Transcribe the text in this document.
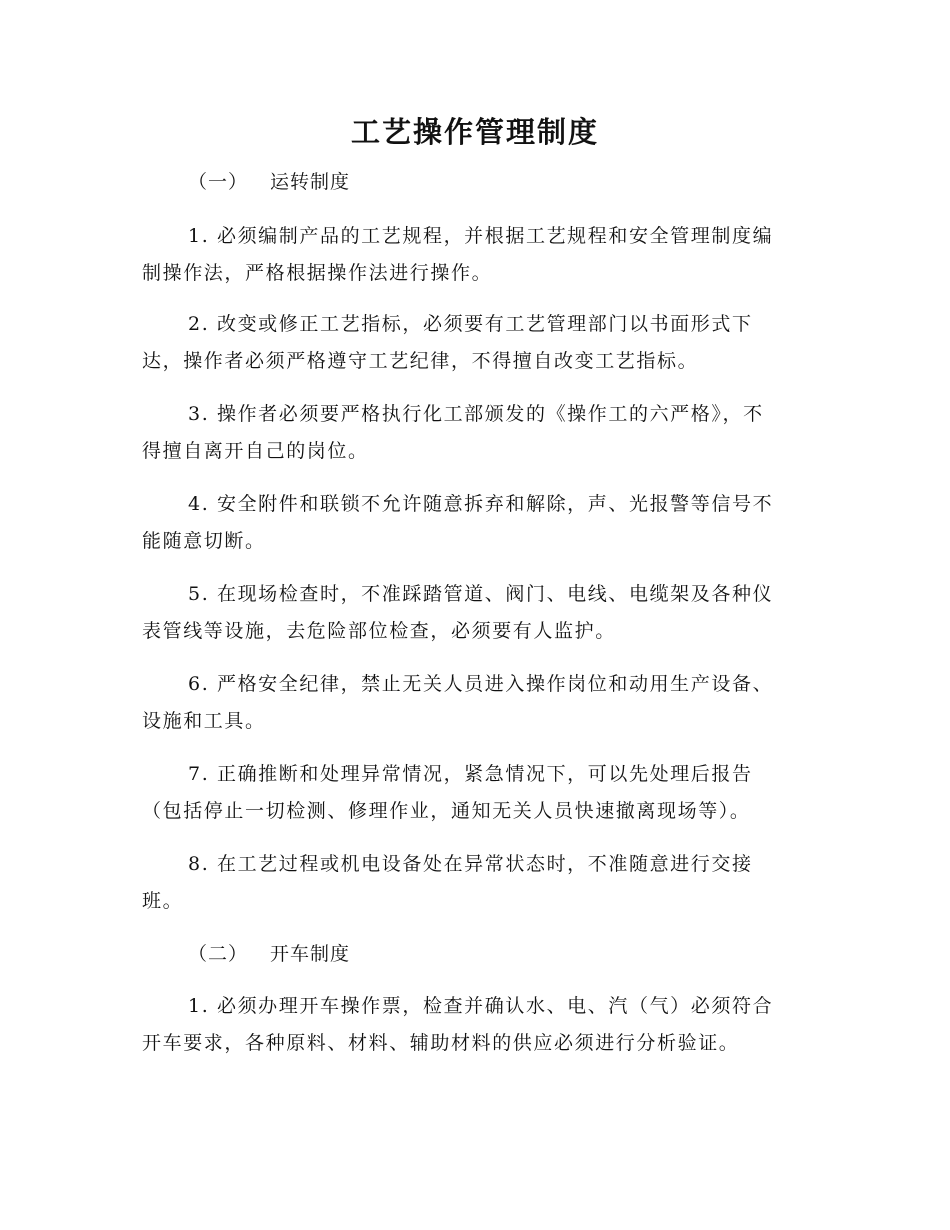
工艺操作管理制度

（一） 运转制度

1. 必须编制产品的工艺规程，并根据工艺规程和安全管理制度编
制操作法，严格根据操作法进行操作。
2. 改变或修正工艺指标，必须要有工艺管理部门以书面形式下
达，操作者必须严格遵守工艺纪律，不得擅自改变工艺指标。
3. 操作者必须要严格执行化工部颁发的《操作工的六严格》，不
得擅自离开自己的岗位。
4. 安全附件和联锁不允许随意拆弃和解除，声、光报警等信号不
能随意切断。
5. 在现场检查时，不准踩踏管道、阀门、电线、电缆架及各种仪
表管线等设施，去危险部位检查，必须要有人监护。
6. 严格安全纪律，禁止无关人员进入操作岗位和动用生产设备、
设施和工具。
7. 正确推断和处理异常情况，紧急情况下，可以先处理后报告
（包括停止一切检测、修理作业，通知无关人员快速撤离现场等）。
8. 在工艺过程或机电设备处在异常状态时，不准随意进行交接
班。

（二） 开车制度

1. 必须办理开车操作票，检查并确认水、电、汽（气）必须符合
开车要求，各种原料、材料、辅助材料的供应必须进行分析验证。
